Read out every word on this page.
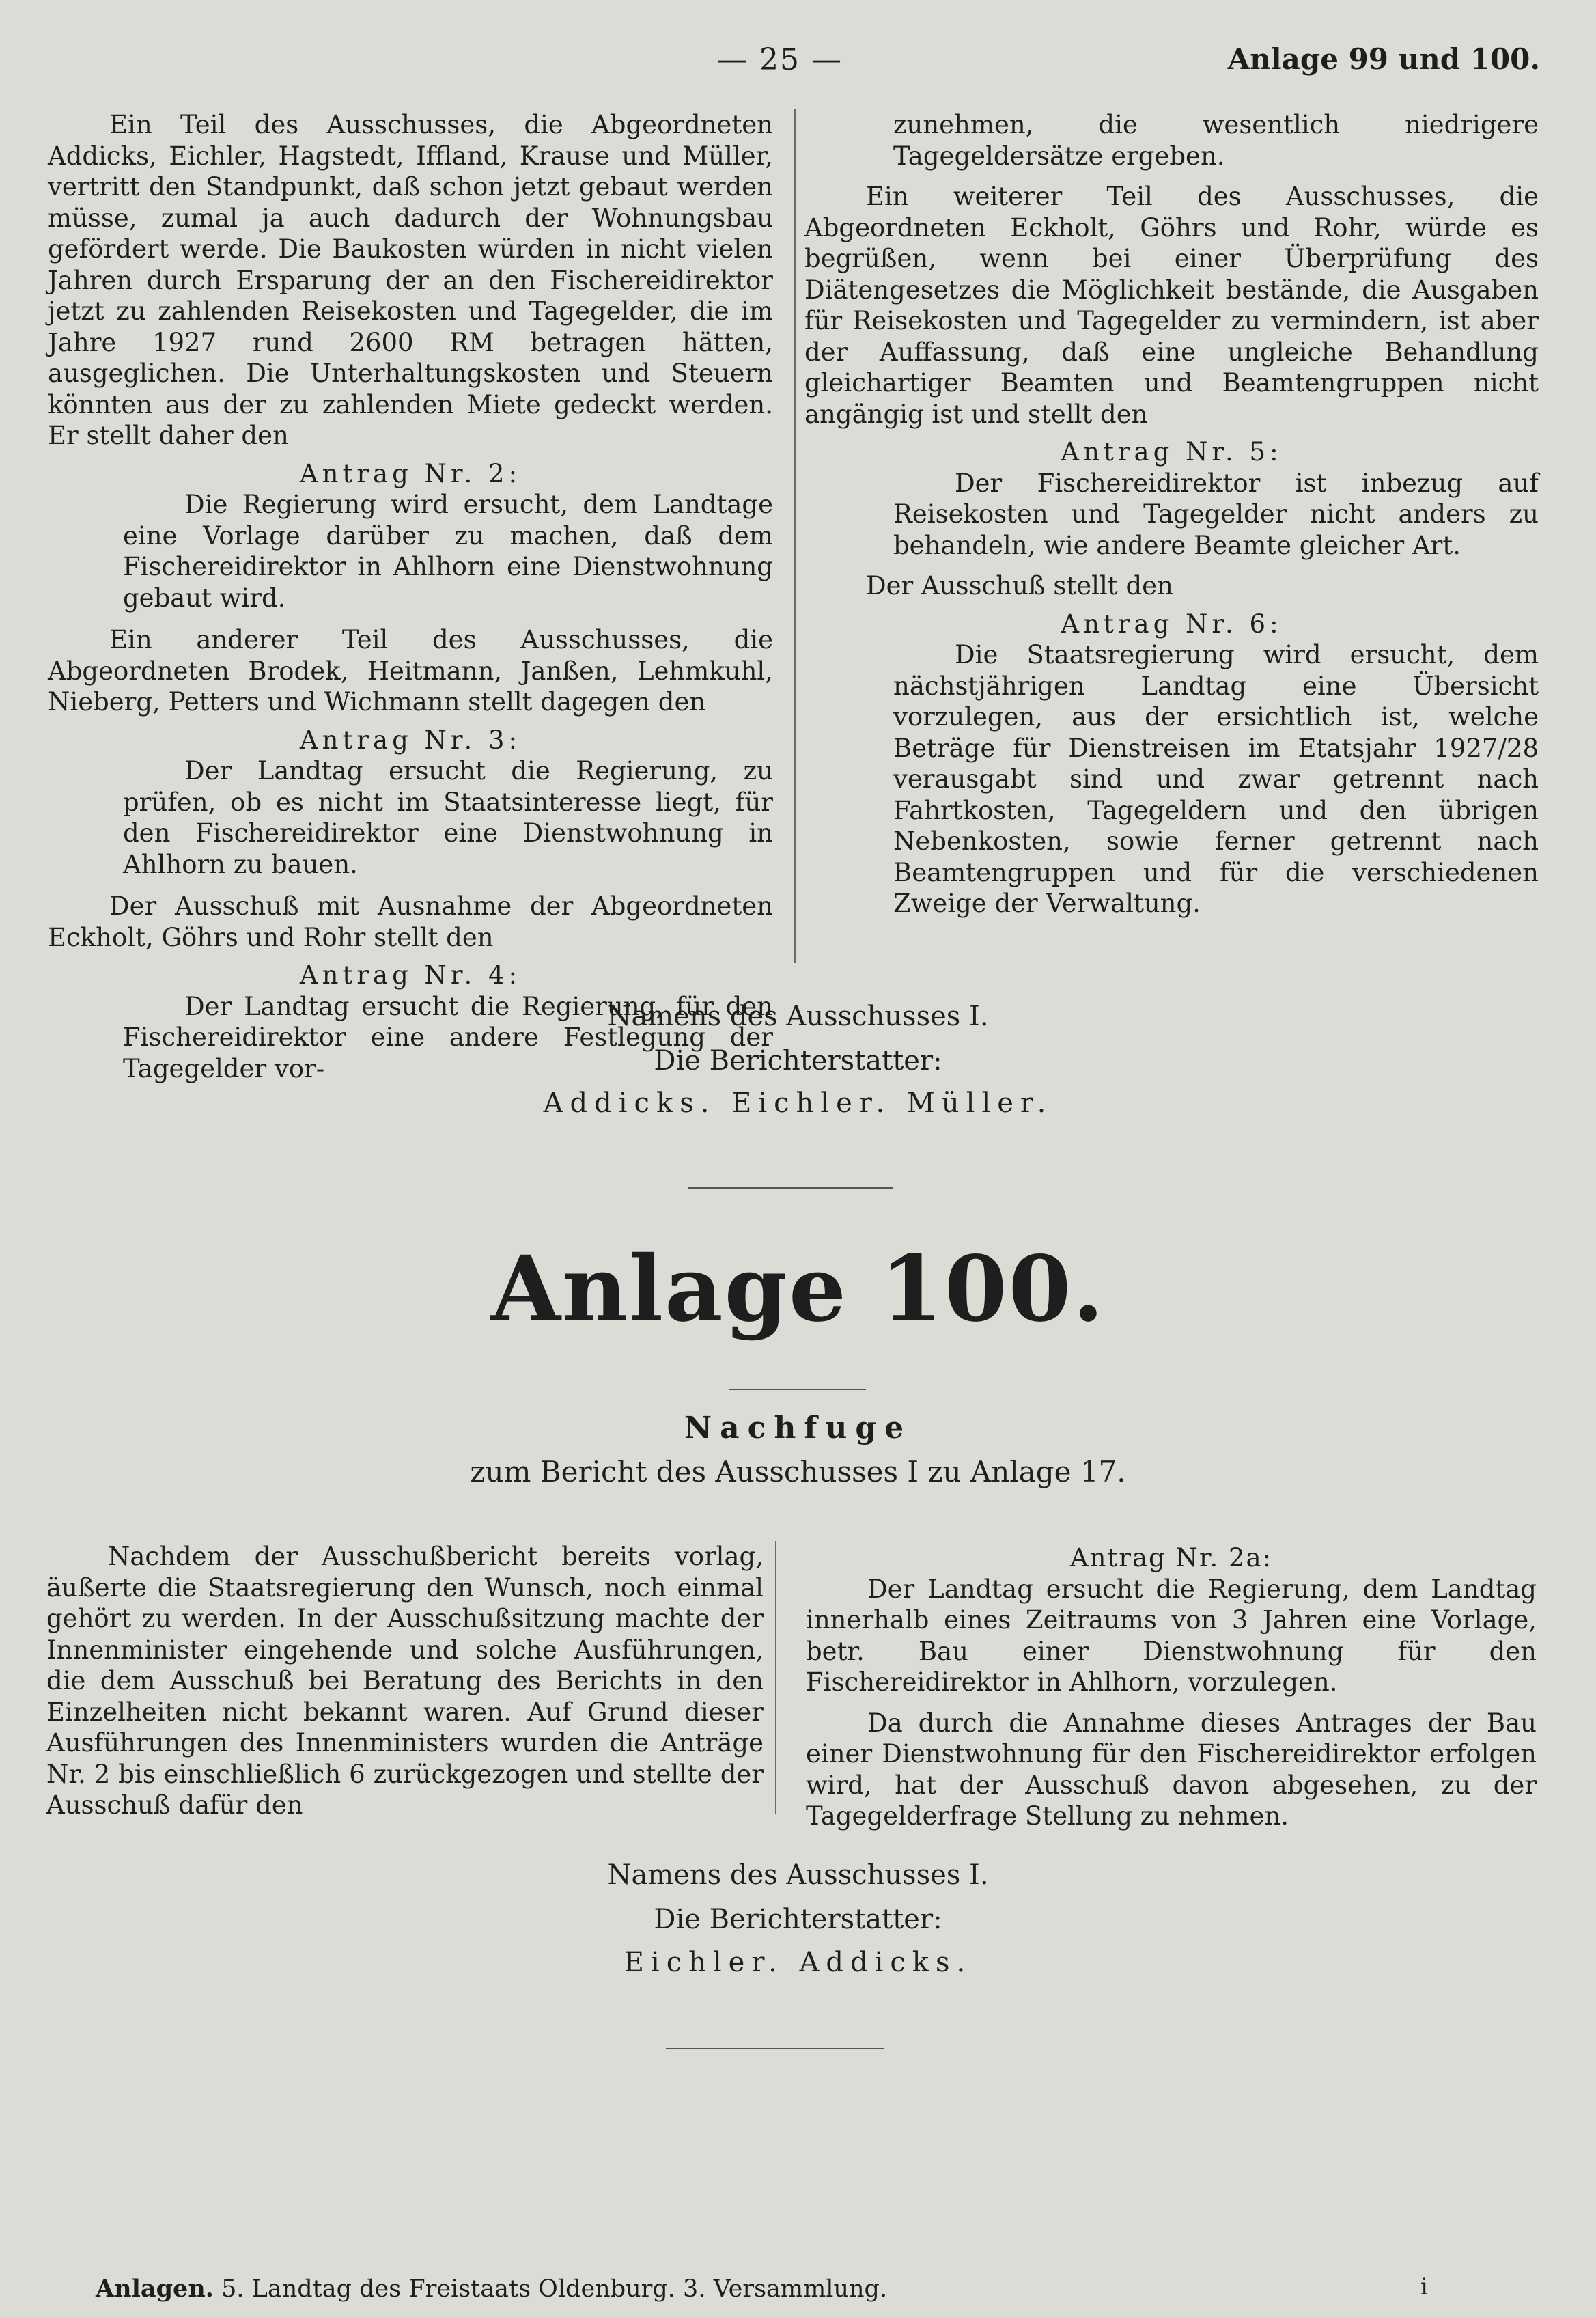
— 25 —	Anlage 99 und 100.

Ein Teil des Ausschusses, die Abgeordneten Addicks, Eichler, Hagstedt, Iffland, Krause und Müller, vertritt den Standpunkt, daß schon jetzt gebaut werden müsse, zumal ja auch dadurch der Wohnungsbau gefördert werde. Die Baukosten würden in nicht vielen Jahren durch Ersparung der an den Fischereidirektor jetzt zu zahlenden Reisekosten und Tagegelder, die im Jahre 1927 rund 2600 RM betragen hätten, ausgeglichen. Die Unterhaltungskosten und Steuern könnten aus der zu zahlenden Miete gedeckt werden. Er stellt daher den

Antrag Nr. 2:

Die Regierung wird ersucht, dem Landtage eine Vorlage darüber zu machen, daß dem Fischereidirektor in Ahlhorn eine Dienstwohnung gebaut wird.

Ein anderer Teil des Ausschusses, die Abgeordneten Brodek, Heitmann, Janßen, Lehmkuhl, Nieberg, Petters und Wichmann stellt dagegen den

Antrag Nr. 3:

Der Landtag ersucht die Regierung, zu prüfen, ob es nicht im Staatsinteresse liegt, für den Fischereidirektor eine Dienstwohnung in Ahlhorn zu bauen.

Der Ausschuß mit Ausnahme der Abgeordneten Eckholt, Göhrs und Rohr stellt den

Antrag Nr. 4:

Der Landtag ersucht die Regierung, für den Fischereidirektor eine andere Festlegung der Tagegelder vor-

zunehmen, die wesentlich niedrigere Tagegeldersätze ergeben.

Ein weiterer Teil des Ausschusses, die Abgeordneten Eckholt, Göhrs und Rohr, würde es begrüßen, wenn bei einer Überprüfung des Diätengesetzes die Möglichkeit bestände, die Ausgaben für Reisekosten und Tagegelder zu vermindern, ist aber der Auffassung, daß eine ungleiche Behandlung gleichartiger Beamten und Beamtengruppen nicht angängig ist und stellt den

Antrag Nr. 5:

Der Fischereidirektor ist inbezug auf Reisekosten und Tagegelder nicht anders zu behandeln, wie andere Beamte gleicher Art.

Der Ausschuß stellt den

Antrag Nr. 6:

Die Staatsregierung wird ersucht, dem nächstjährigen Landtag eine Übersicht vorzulegen, aus der ersichtlich ist, welche Beträge für Dienstreisen im Etatsjahr 1927/28 verausgabt sind und zwar getrennt nach Fahrtkosten, Tagegeldern und den übrigen Nebenkosten, sowie ferner getrennt nach Beamtengruppen und für die verschiedenen Zweige der Verwaltung.

Namens des Ausschusses I.
Die Berichterstatter:
Addicks. Eichler. Müller.
Anlage 100.
Nachfuge
zum Bericht des Ausschusses I zu Anlage 17.

Nachdem der Ausschußbericht bereits vorlag, äußerte die Staatsregierung den Wunsch, noch einmal gehört zu werden. In der Ausschußsitzung machte der Innenminister eingehende und solche Ausführungen, die dem Ausschuß bei Beratung des Berichts in den Einzelheiten nicht bekannt waren. Auf Grund dieser Ausführungen des Innenministers wurden die Anträge Nr. 2 bis einschließlich 6 zurückgezogen und stellte der Ausschuß dafür den

Antrag Nr. 2a:

Der Landtag ersucht die Regierung, dem Landtag innerhalb eines Zeitraums von 3 Jahren eine Vorlage, betr. Bau einer Dienstwohnung für den Fischereidirektor in Ahlhorn, vorzulegen.

Da durch die Annahme dieses Antrages der Bau einer Dienstwohnung für den Fischereidirektor erfolgen wird, hat der Ausschuß davon abgesehen, zu der Tagegelderfrage Stellung zu nehmen.

Namens des Ausschusses I.
Die Berichterstatter:
Eichler. Addicks.
Anlagen. 5. Landtag des Freistaats Oldenburg. 3. Versammlung.	ⅰ
